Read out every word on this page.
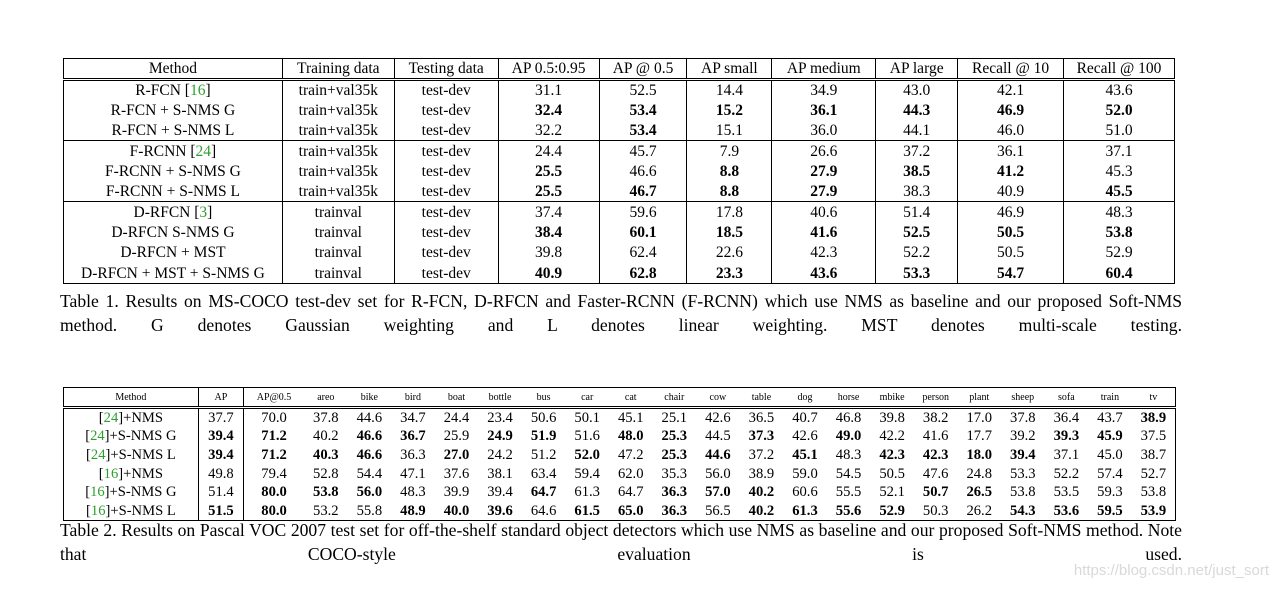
Method	Training data	Testing data	AP 0.5:0.95	AP @ 0.5	AP small	AP medium	AP large	Recall @ 10	Recall @ 100
R-FCN [16]	train+val35k	test-dev	31.1	52.5	14.4	34.9	43.0	42.1	43.6
R-FCN + S-NMS G	train+val35k	test-dev	32.4	53.4	15.2	36.1	44.3	46.9	52.0
R-FCN + S-NMS L	train+val35k	test-dev	32.2	53.4	15.1	36.0	44.1	46.0	51.0
F-RCNN [24]	train+val35k	test-dev	24.4	45.7	7.9	26.6	37.2	36.1	37.1
F-RCNN + S-NMS G	train+val35k	test-dev	25.5	46.6	8.8	27.9	38.5	41.2	45.3
F-RCNN + S-NMS L	train+val35k	test-dev	25.5	46.7	8.8	27.9	38.3	40.9	45.5
D-RFCN [3]	trainval	test-dev	37.4	59.6	17.8	40.6	51.4	46.9	48.3
D-RFCN S-NMS G	trainval	test-dev	38.4	60.1	18.5	41.6	52.5	50.5	53.8
D-RFCN + MST	trainval	test-dev	39.8	62.4	22.6	42.3	52.2	50.5	52.9
D-RFCN + MST + S-NMS G	trainval	test-dev	40.9	62.8	23.3	43.6	53.3	54.7	60.4
Table 1. Results on MS-COCO test-dev set for R-FCN, D-RFCN and Faster-RCNN (F-RCNN) which use NMS as baseline and our proposed Soft-NMS method. G denotes Gaussian weighting and L denotes linear weighting. MST denotes multi-scale testing.
Method	AP	AP@0.5	areo	bike	bird	boat	bottle	bus	car	cat	chair	cow	table	dog	horse	mbike	person	plant	sheep	sofa	train	tv
[24]+NMS	37.7	70.0	37.8	44.6	34.7	24.4	23.4	50.6	50.1	45.1	25.1	42.6	36.5	40.7	46.8	39.8	38.2	17.0	37.8	36.4	43.7	38.9
[24]+S-NMS G	39.4	71.2	40.2	46.6	36.7	25.9	24.9	51.9	51.6	48.0	25.3	44.5	37.3	42.6	49.0	42.2	41.6	17.7	39.2	39.3	45.9	37.5
[24]+S-NMS L	39.4	71.2	40.3	46.6	36.3	27.0	24.2	51.2	52.0	47.2	25.3	44.6	37.2	45.1	48.3	42.3	42.3	18.0	39.4	37.1	45.0	38.7
[16]+NMS	49.8	79.4	52.8	54.4	47.1	37.6	38.1	63.4	59.4	62.0	35.3	56.0	38.9	59.0	54.5	50.5	47.6	24.8	53.3	52.2	57.4	52.7
[16]+S-NMS G	51.4	80.0	53.8	56.0	48.3	39.9	39.4	64.7	61.3	64.7	36.3	57.0	40.2	60.6	55.5	52.1	50.7	26.5	53.8	53.5	59.3	53.8
[16]+S-NMS L	51.5	80.0	53.2	55.8	48.9	40.0	39.6	64.6	61.5	65.0	36.3	56.5	40.2	61.3	55.6	52.9	50.3	26.2	54.3	53.6	59.5	53.9
Table 2. Results on Pascal VOC 2007 test set for off-the-shelf standard object detectors which use NMS as baseline and our proposed Soft-NMS method. Note that COCO-style evaluation is used.
https://blog.csdn.net/just_sort
